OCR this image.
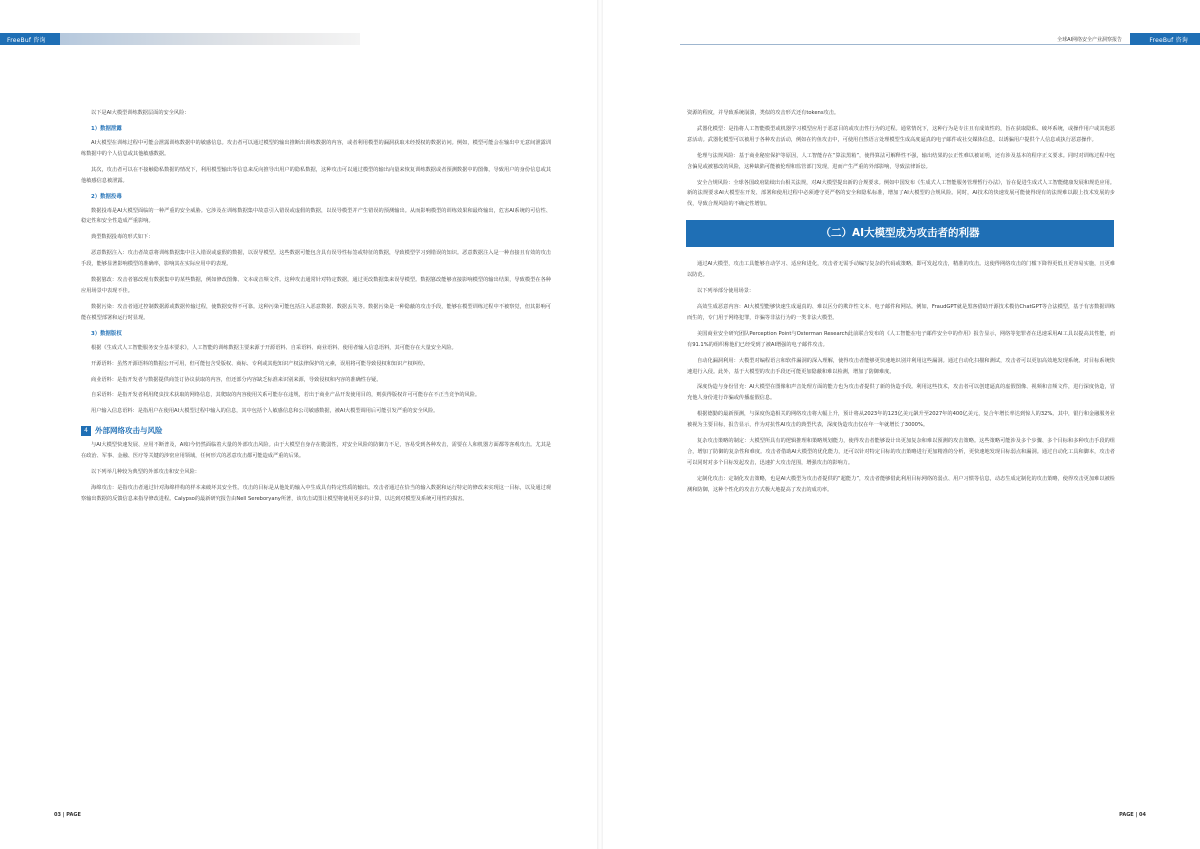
FreeBuf 咨询

以下是AI大模型训练数据层面的安全风险：

1）数据泄露

AI大模型在训练过程中可能会泄露训练数据中的敏感信息。攻击者可以通过模型的输出推断出训练数据的内容，或者利用模型的漏洞获取未经授权的数据访问。例如，模型可能会在输出中无意间泄露训练数据中的个人信息或其他敏感数据。

其次，攻击者可以在不接触隐私数据的情况下，利用模型输出等信息来反向推导出用户的隐私数据，这种攻击可以通过模型的输出向量来恢复训练数据或者预测数据中的图像，导致用户的身份信息或其他敏感信息被泄露。

2）数据投毒

数据投毒是AI大模型面临的一种严重的安全威胁。它涉及在训练数据集中故意引入错误或虚假的数据，以误导模型并产生错误的预测输出。从而影响模型的训练效果和最终输出，危害AI系统的可信性、稳定性和安全性造成严重影响。

典型数据投毒的形式如下：

恶意数据注入：攻击者故意将训练数据集中注入错误或虚假的数据，以误导模型。这些数据可能包含具有误导性标签或特征的数据，导致模型学习到错误的知识。恶意数据注入是一种直接且有效的攻击手段，能够显著影响模型的准确率，影响其在实际应用中的表现。

数据篡改：攻击者篡改现有数据集中的某些数据，例如修改图像、文本或音频文件。这种攻击通常针对特定数据，通过更改数据集来误导模型。数据篡改能够直接影响模型的输出结果，导致模型在各种应用场景中表现不佳。

数据污染：攻击者通过控制数据源或数据传输过程，使数据变得不可靠。这种污染可能包括注入恶意数据、数据丢失等。数据污染是一种隐蔽的攻击手段，能够在模型训练过程中不被察觉，但其影响可能在模型部署和运行时显现。

3）数据版权

根据《生成式人工智能服务安全基本要求》，人工智能的训练数据主要来源于开源语料、自采语料、商业语料、使用者输入信息语料，其可能存在大量安全风险。

开源语料：虽然开源语料的数据公开可用，但可能包含受版权、商标、专利或其他知识产权法律保护的元素，误用将可能导致侵权和知识产权纠纷。

商业语料：是指开发者与数据提供商签订协议获取的内容，但还部分内容缺乏标准来识别来源，导致侵权和内容的准确性存疑。

自采语料：是指开发者利用爬虫技术获取的网络信息，其爬取的内容使用关系可能存在违规，若出于商业产品开发使用目的，则获得版权许可可能存在不正当竞争的风险。

用户输入信息语料：是指用户在使用AI大模型过程中输入的信息，其中包括个人敏感信息和公司敏感数据，被AI大模型调用后可能引发严重的安全风险。

4 外部网络攻击与风险

与AI大模型快速发展、应用不断普及，AI如今仍然面临着大量的外部攻击风险。由于大模型自身存在脆弱性，对安全风险的防御力不足，容易受到各种攻击，需要在人和机器方面都等客观攻击。尤其是在政治、军事、金融、医疗等关键的涉密应用领域，任何形式的恶意攻击都可能造成严重的后果。

以下列举几种较为典型的外部攻击和安全风险：

海绵攻击：是指攻击者通过针对海绵样构的样本来破坏其安全性。攻击的目标是从他处的输入中生成具有特定性质的输出。攻击者通过在恰当的输入数据和运行特定的修改来实现这一目标，以及通过观察输出数据的反馈信息来指导修改进程。Calypso的最新研究报告由Nell Sereboryany所著，该攻击试图让模型将使用更多的计算，以达到对模型及系统可用性的损害。

03 | PAGE
全球AI网络安全产业洞察报告	FreeBuf 咨询

资源的程度，并导致系统崩溃，类似的攻击形式还有tokens攻击。

武器化模型：是指将人工智能模型或机器学习模型应用于恶意目的或攻击性行为的过程。通常情况下，这种行为是专注且有成效性的，旨在获取隐私、破坏系统，或操作用户或其他恶意活动。武器化模型可以被用于各种攻击活动，例如在钓鱼攻击中，可使用自然语言处理模型生成高度逼真的电子邮件或社交媒体信息，以诱骗用户提供个人信息或执行恶意操作。

伦理与法规风险：基于商业秘密保护等原因，人工智能存在“算法黑箱”，使得算法可解释性不强，输出结果的公正性难以被证明，还有涉及基本的程序正义要求。同时对训练过程中包含偏见或被篡改的风险，这种缺陷可能被伦理和监管部门发现，进而产生严重的外部影响，导致法律诉讼。

安全合规风险：全球各国政府陆续出台相关法规，对AI大模型提出新的合规要求。例如中国发布《生成式人工智能服务管理暂行办法》，旨在促进生成式人工智能健康发展和规范应用。新的法规要求AI大模型在开发、部署和使用过程中必须遵守更严格的安全和隐私标准，增加了AI大模型的合规风险。同时，AI技术的快速发展可能使得现有的法规难以跟上技术发展的步伐，导致合规风险的不确定性增加。

（二）AI大模型成为攻击者的利器

通过AI大模型，攻击工具能够自动学习、适应和进化，攻击者无需手动编写复杂的代码或策略，即可发起攻击，精准的攻击。这使得网络攻击的门槛下降得更低且更容易实施，且更难以防范。

以下列举部分使用场景：

高效生成恶意内容：AI大模型能够快速生成逼真的、难以区分的欺诈性文本、电子邮件和网站。例如，FraudGPT就是黑客借助开源技术模仿ChatGPT等合法模型，基于有害数据训练而生的，专门用于网络犯罪，诈骗等非法行为的一类非法大模型。

美国商业安全研究团队Perception Point与Osterman Research此前联合发布的《人工智能在电子邮件安全中的作用》报告显示，网络等犯罪者在迅速采用AI工具以提高其性能，而有91.1%的组织称他们已经受到了被AI增强的电子邮件攻击。

自动化漏洞利用：大模型对编程语言和软件漏洞的深入理解，使得攻击者能够更快速地识别并利用这些漏洞。通过自动化扫描和测试，攻击者可以更加高效地发现系统、对目标系统快速进行入侵。此外，基于大模型的攻击手段还可能更加隐蔽和难以检测，增加了防御难度。

深度伪造与身份冒充：AI大模型在图像和声音处理方面的能力也为攻击者提供了新的伪造手段。利用这些技术，攻击者可以创建逼真的虚假图像、视频和音频文件，进行深度伪造，冒充他人身份进行诈骗或传播虚假信息。

根据德勤的最新预测，与深度伪造相关的网络攻击将大幅上升，预计将从2023年的123亿美元飙升至2027年的400亿美元，复合年增长率达到惊人的32%。其中，银行和金融服务业被视为主要目标，报告显示，作为对抗性AI攻击的典型代表，深度伪造攻击仅在年一年就增长了3000%。

复杂攻击策略的制定：大模型所具有的逻辑推理和策略规划能力，使得攻击者能够设计出更加复杂和难以预测的攻击策略。这些策略可能涉及多个步骤、多个目标和多种攻击手段的组合，增加了防御的复杂性和难度。攻击者借助AI大模型的优化能力，还可以针对特定目标的攻击策略进行更加精准的分析，更快速地发现目标弱点和漏洞。通过自动化工具和脚本，攻击者可以同时对多个目标发起攻击，迅速扩大攻击范围，增强攻击的影响力。

定制化攻击：定制化攻击策略，也是AI大模型为攻击者提供的“超能力”，攻击者能够借此利用目标网络的弱点、用户习惯等信息，动态生成定制化的攻击策略，使得攻击更加难以被检测和防御，这种个性化的攻击方式极大地提高了攻击的成功率。

PAGE | 04
